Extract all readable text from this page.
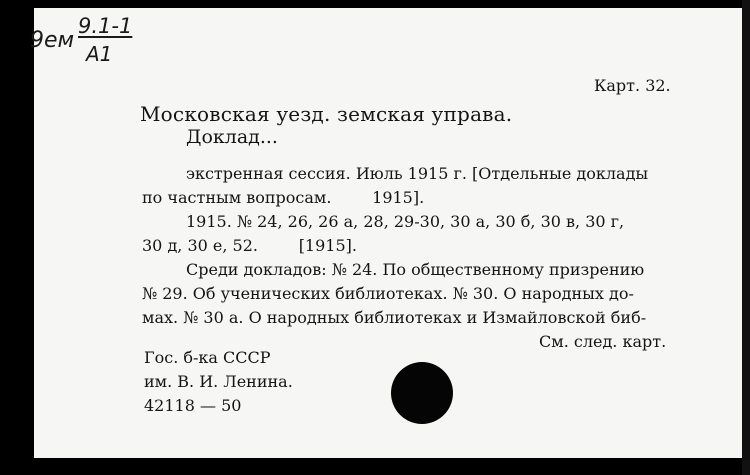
9ем
9.1-1
А1
Карт. 32.
Московская уезд. земская управа.
Доклад...
экстренная сессия. Июль 1915 г. [Отдельные доклады
по частным вопросам.        1915].
1915. № 24, 26, 26 а, 28, 29-30, 30 а, 30 б, 30 в, 30 г,
30 д, 30 е, 52.        [1915].
Среди докладов: № 24. По общественному призрению
№ 29. Об ученических библиотеках. № 30. О народных до-
мах. № 30 а. О народных библиотеках и Измайловской биб-
См. след. карт.
Гос. б-ка СССР
им. В. И. Ленина.
42118 — 50
